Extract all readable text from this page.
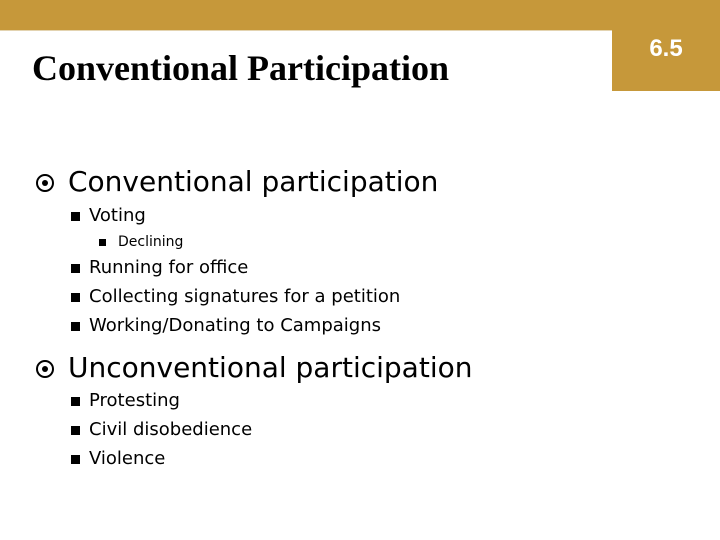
6.5
Conventional Participation
Conventional participation
Voting
Declining
Running for office
Collecting signatures for a petition
Working/Donating to Campaigns
Unconventional participation
Protesting
Civil disobedience
Violence
